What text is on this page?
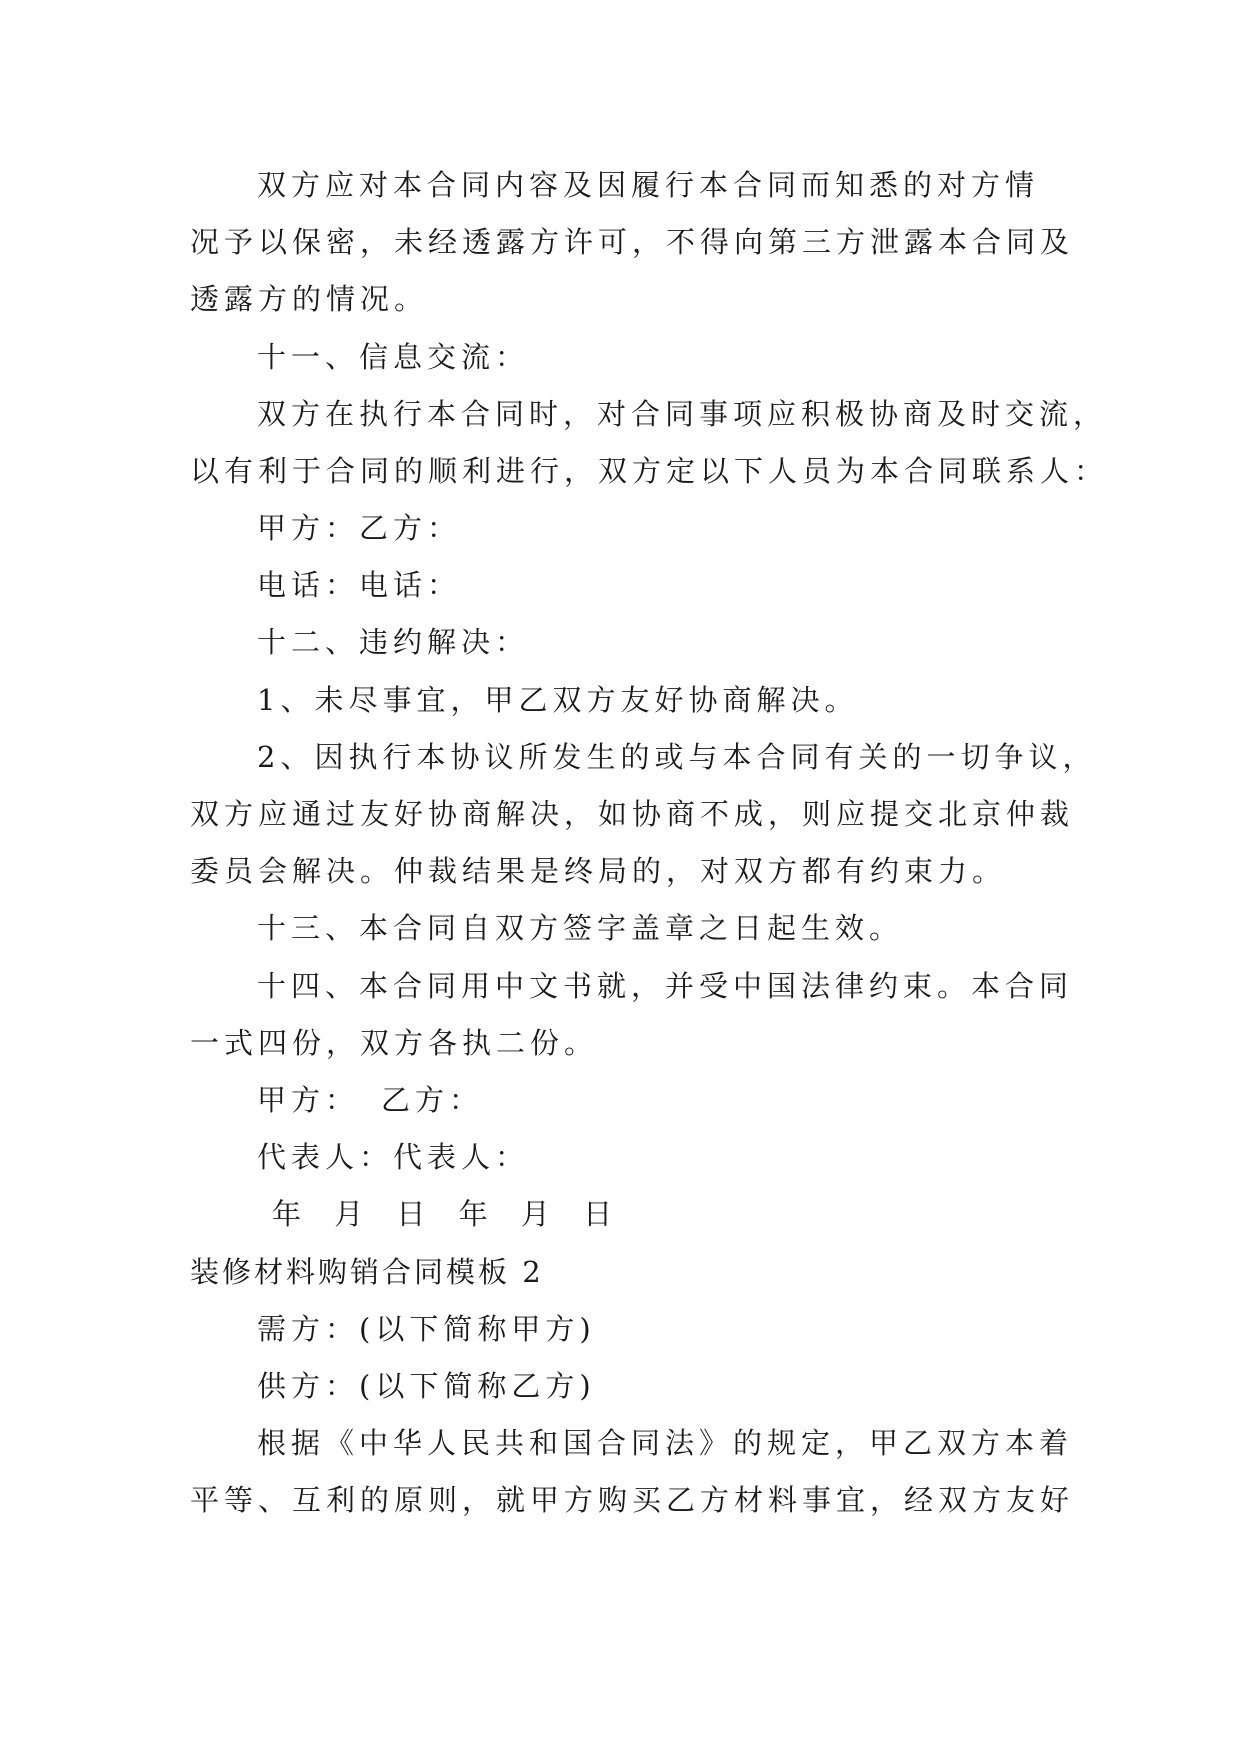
双方应对本合同内容及因履行本合同而知悉的对方情
况予以保密，未经透露方许可，不得向第三方泄露本合同及
透露方的情况。
十一、信息交流：
双方在执行本合同时，对合同事项应积极协商及时交流，
以有利于合同的顺利进行，双方定以下人员为本合同联系人：
甲方：乙方：
电话：电话：
十二、违约解决：
1、未尽事宜，甲乙双方友好协商解决。
2、因执行本协议所发生的或与本合同有关的一切争议，
双方应通过友好协商解决，如协商不成，则应提交北京仲裁
委员会解决。仲裁结果是终局的，对双方都有约束力。
十三、本合同自双方签字盖章之日起生效。
十四、本合同用中文书就，并受中国法律约束。本合同
一式四份，双方各执二份。
甲方： 乙方：
代表人：代表人：
年 月 日 年 月 日
装修材料购销合同模板 2
需方：(以下简称甲方)
供方：(以下简称乙方)
根据《中华人民共和国合同法》的规定，甲乙双方本着
平等、互利的原则，就甲方购买乙方材料事宜，经双方友好
